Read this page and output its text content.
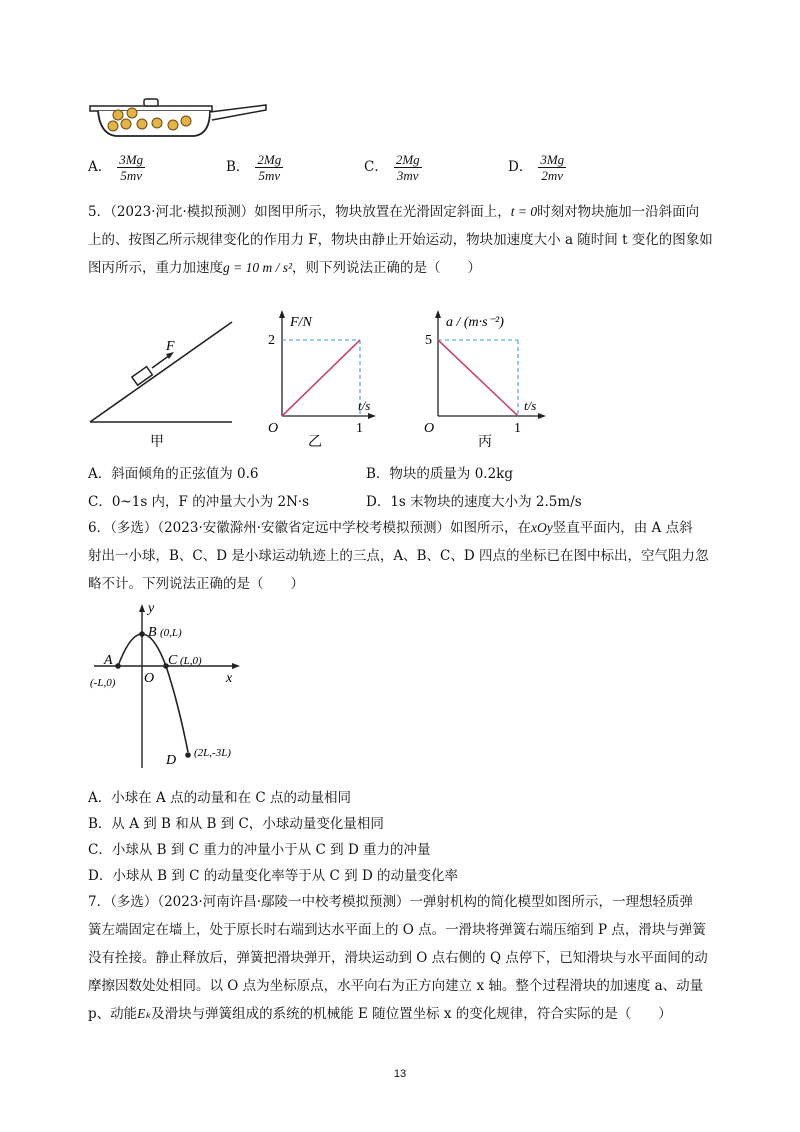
A． $\frac{3Mg}{5mv}$	B． $\frac{2Mg}{5mv}$	C． $\frac{2Mg}{3mv}$	D． $\frac{3Mg}{2mv}$
5．（2023·河北·模拟预测）如图甲所示，物块放置在光滑固定斜面上，t = 0时刻对物块施加一沿斜面向
上的、按图乙所示规律变化的作用力 F，物块由静止开始运动，物块加速度大小 a 随时间 t 变化的图象如
图丙所示，重力加速度g = 10 m / s²，则下列说法正确的是（　　）
F
甲
F/N
2
t/s
1
O
乙
a / (m·s⁻²)
5
t/s
1
O
丙
A．斜面倾角的正弦值为 0.6	B．物块的质量为 0.2kg
C．0~1s 内，F 的冲量大小为 2N·s	D．1s 末物块的速度大小为 2.5m/s
6．（多选）（2023·安徽滁州·安徽省定远中学校考模拟预测）如图所示，在xOy竖直平面内，由 A 点斜
射出一小球，B、C、D 是小球运动轨迹上的三点，A、B、C、D 四点的坐标已在图中标出，空气阻力忽
略不计。下列说法正确的是（　　）
y
x
O
A
(-L,0)
B (0,L)
C (L,0)
D (2L,-3L)
A．小球在 A 点的动量和在 C 点的动量相同
B．从 A 到 B 和从 B 到 C，小球动量变化量相同
C．小球从 B 到 C 重力的冲量小于从 C 到 D 重力的冲量
D．小球从 B 到 C 的动量变化率等于从 C 到 D 的动量变化率
7．（多选）（2023·河南许昌·鄢陵一中校考模拟预测）一弹射机构的简化模型如图所示，一理想轻质弹
簧左端固定在墙上，处于原长时右端到达水平面上的 O 点。一滑块将弹簧右端压缩到 P 点，滑块与弹簧
没有拴接。静止释放后，弹簧把滑块弹开，滑块运动到 O 点右侧的 Q 点停下，已知滑块与水平面间的动
摩擦因数处处相同。以 O 点为坐标原点，水平向右为正方向建立 x 轴。整个过程滑块的加速度 a、动量
p、动能Eₖ及滑块与弹簧组成的系统的机械能 E 随位置坐标 x 的变化规律，符合实际的是（　　）
13
